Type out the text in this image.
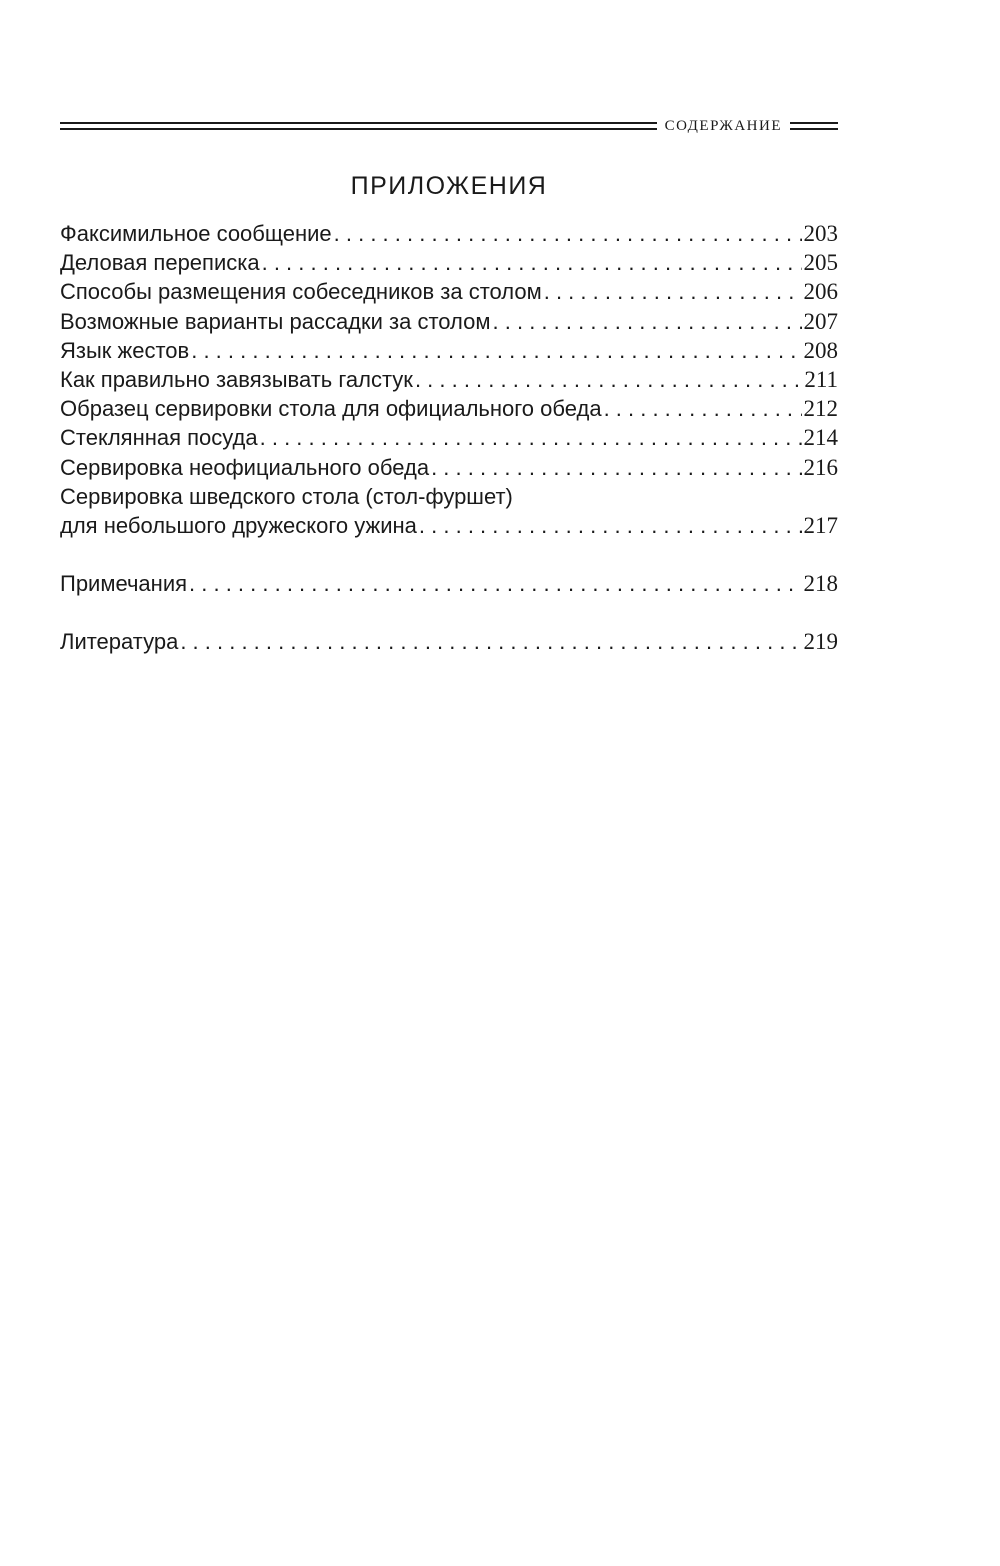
СОДЕРЖАНИЕ
ПРИЛОЖЕНИЯ
Факсимильное сообщение . . .	203
Деловая переписка . . .	205
Способы размещения собеседников за столом . . .	206
Возможные варианты рассадки за столом . . .	207
Язык жестов . . .	208
Как правильно завязывать галстук . . .	211
Образец сервировки стола для официального обеда . . .	212
Стеклянная посуда . . .	214
Сервировка неофициального обеда . . .	216
Сервировка шведского стола (стол-фуршет)
для небольшого дружеского ужина . . .	217
Примечания . . .	218
Литература . . .	219
